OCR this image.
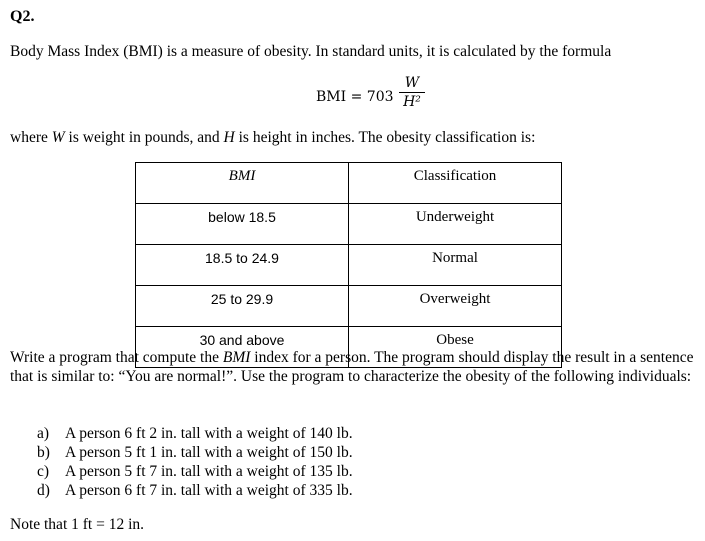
Q2.
Body Mass Index (BMI) is a measure of obesity. In standard units, it is calculated by the formula
BMI = 703
W
H²
where W is weight in pounds, and H is height in inches. The obesity classification is:
BMI	Classification
below 18.5	Underweight
18.5 to 24.9	Normal
25 to 29.9	Overweight
30 and above	Obese
Write a program that compute the BMI index for a person. The program should display the result in a sentence that is similar to: “You are normal!”. Use the program to characterize the obesity of the following individuals:
a)	A person 6 ft 2 in. tall with a weight of 140 lb.
b) A person 5 ft 1 in. tall with a weight of 150 lb.
c)	A person 5 ft 7 in. tall with a weight of 135 lb.
d) A person 6 ft 7 in. tall with a weight of 335 lb.
Note that 1 ft = 12 in.
